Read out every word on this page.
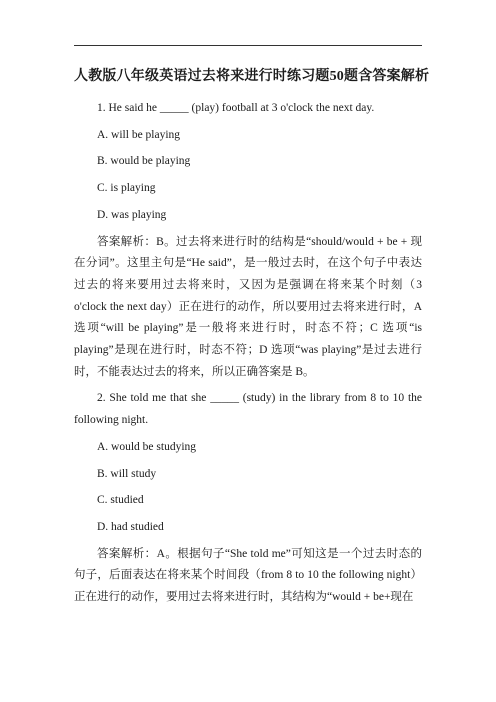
人教版八年级英语过去将来进行时练习题50题含答案解析

1. He said he _____ (play) football at 3 o'clock the next day.

A. will be playing

B. would be playing

C. is playing

D. was playing

答案解析：B。过去将来进行时的结构是“should/would + be + 现在分词”。这里主句是“He said”，是一般过去时，在这个句子中表达过去的将来要用过去将来时，又因为是强调在将来某个时刻（3 o'clock the next day）正在进行的动作，所以要用过去将来进行时，A 选项“will be playing”是一般将来进行时，时态不符；C 选项“is playing”是现在进行时，时态不符；D 选项“was playing”是过去进行时，不能表达过去的将来，所以正确答案是 B。

2. She told me that she _____ (study) in the library from 8 to 10 the following night.

A. would be studying

B. will study

C. studied

D. had studied

答案解析：A。根据句子“She told me”可知这是一个过去时态的句子，后面表达在将来某个时间段（from 8 to 10 the following night）正在进行的动作，要用过去将来进行时，其结构为“would + be+现在
